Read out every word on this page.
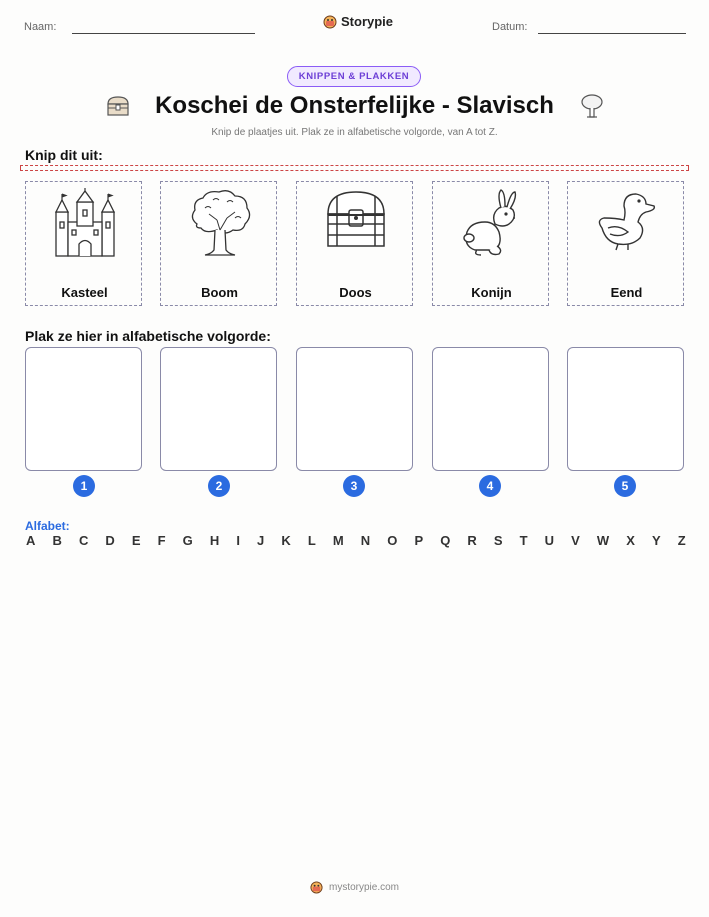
Naam:	Storypie	Datum:
KNIPPEN & PLAKKEN
Koschei de Onsterfelijke - Slavisch
Knip de plaatjes uit. Plak ze in alfabetische volgorde, van A tot Z.
Knip dit uit:
Kasteel	Boom	Doos	Konijn	Eend
Plak ze hier in alfabetische volgorde:
1	2	3	4	5
Alfabet:
A B C D E F G H I J K L M N O P Q R S T U V W X Y Z
mystorypie.com
